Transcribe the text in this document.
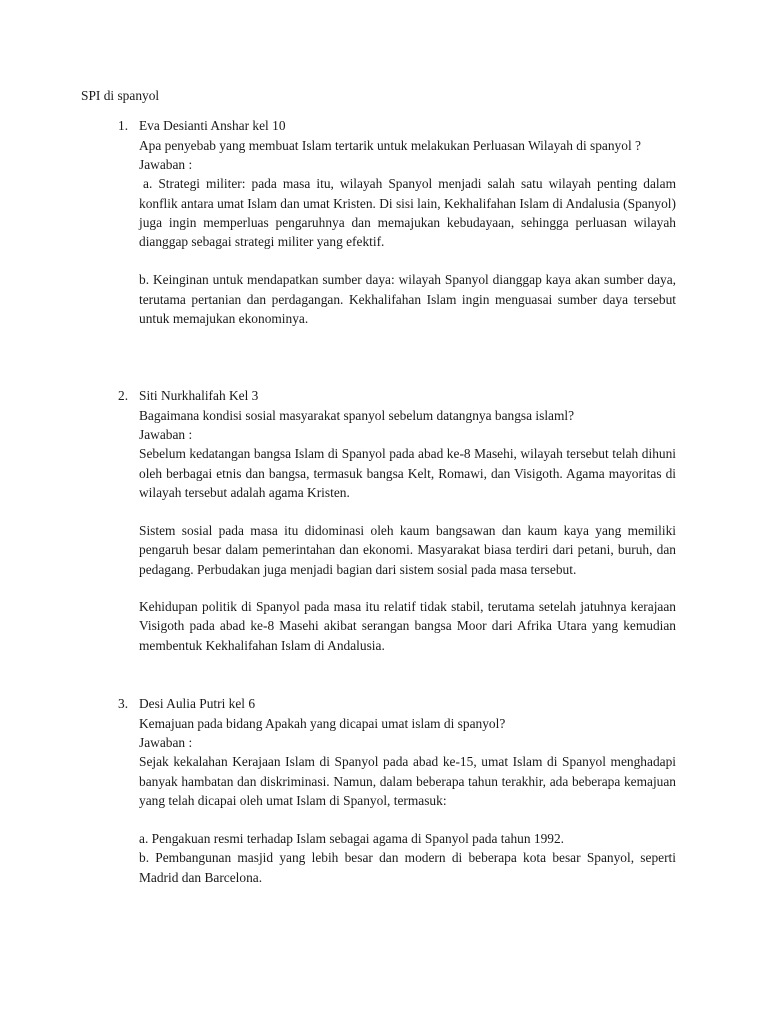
SPI di spanyol
1. Eva Desianti Anshar kel 10
Apa penyebab yang membuat Islam tertarik untuk melakukan Perluasan Wilayah di spanyol ?
Jawaban :
a. Strategi militer: pada masa itu, wilayah Spanyol menjadi salah satu wilayah penting dalam konflik antara umat Islam dan umat Kristen. Di sisi lain, Kekhalifahan Islam di Andalusia (Spanyol) juga ingin memperluas pengaruhnya dan memajukan kebudayaan, sehingga perluasan wilayah dianggap sebagai strategi militer yang efektif.
b. Keinginan untuk mendapatkan sumber daya: wilayah Spanyol dianggap kaya akan sumber daya, terutama pertanian dan perdagangan. Kekhalifahan Islam ingin menguasai sumber daya tersebut untuk memajukan ekonominya.
2. Siti Nurkhalifah Kel 3
Bagaimana kondisi sosial masyarakat spanyol sebelum datangnya bangsa islaml?
Jawaban :
Sebelum kedatangan bangsa Islam di Spanyol pada abad ke-8 Masehi, wilayah tersebut telah dihuni oleh berbagai etnis dan bangsa, termasuk bangsa Kelt, Romawi, dan Visigoth. Agama mayoritas di wilayah tersebut adalah agama Kristen.
Sistem sosial pada masa itu didominasi oleh kaum bangsawan dan kaum kaya yang memiliki pengaruh besar dalam pemerintahan dan ekonomi. Masyarakat biasa terdiri dari petani, buruh, dan pedagang. Perbudakan juga menjadi bagian dari sistem sosial pada masa tersebut.
Kehidupan politik di Spanyol pada masa itu relatif tidak stabil, terutama setelah jatuhnya kerajaan Visigoth pada abad ke-8 Masehi akibat serangan bangsa Moor dari Afrika Utara yang kemudian membentuk Kekhalifahan Islam di Andalusia.
3. Desi Aulia Putri kel 6
Kemajuan pada bidang Apakah yang dicapai umat islam di spanyol?
Jawaban :
Sejak kekalahan Kerajaan Islam di Spanyol pada abad ke-15, umat Islam di Spanyol menghadapi banyak hambatan dan diskriminasi. Namun, dalam beberapa tahun terakhir, ada beberapa kemajuan yang telah dicapai oleh umat Islam di Spanyol, termasuk:
a. Pengakuan resmi terhadap Islam sebagai agama di Spanyol pada tahun 1992.
b. Pembangunan masjid yang lebih besar dan modern di beberapa kota besar Spanyol, seperti Madrid dan Barcelona.
